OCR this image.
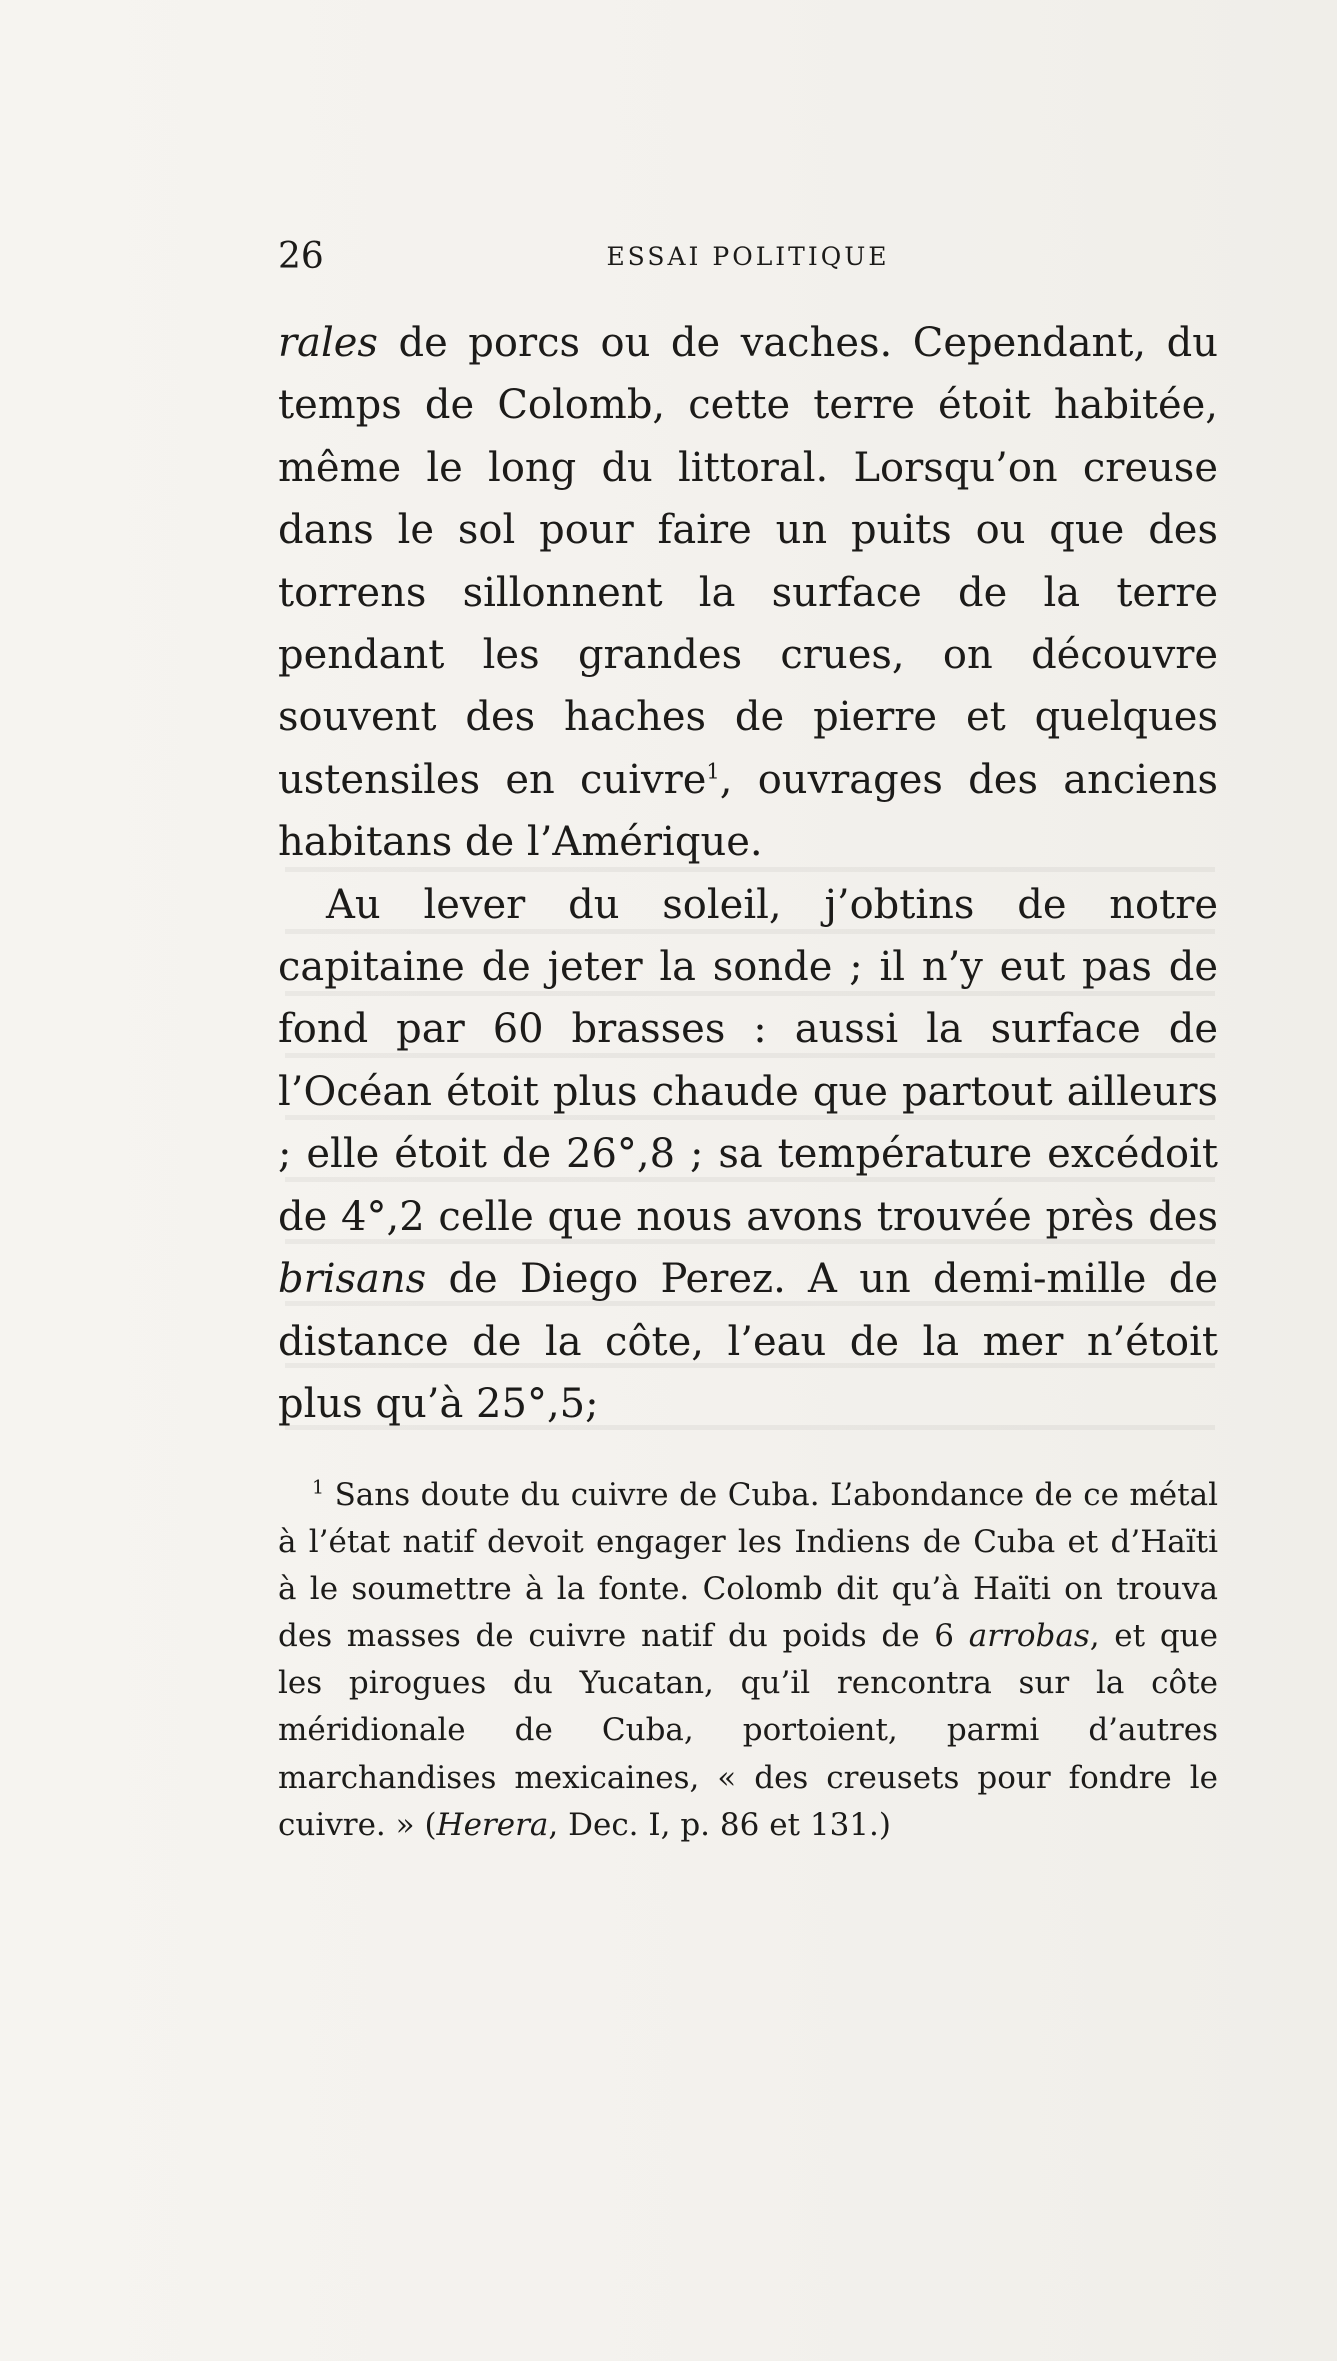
26	ESSAI POLITIQUE

rales de porcs ou de vaches. Cependant, du temps de Colomb, cette terre étoit habitée, même le long du littoral. Lorsqu’on creuse dans le sol pour faire un puits ou que des torrens sillonnent la surface de la terre pendant les grandes crues, on découvre souvent des haches de pierre et quelques ustensiles en cuivre$^1$, ouvrages des anciens habitans de l’Amérique.

Au lever du soleil, j’obtins de notre capitaine de jeter la sonde ; il n’y eut pas de fond par 60 brasses : aussi la surface de l’Océan étoit plus chaude que partout ailleurs ; elle étoit de 26°,8 ; sa température excédoit de 4°,2 celle que nous avons trouvée près des brisans de Diego Perez. A un demi-mille de distance de la côte, l’eau de la mer n’étoit plus qu’à 25°,5;

$^1$ Sans doute du cuivre de Cuba. L’abondance de ce métal à l’état natif devoit engager les Indiens de Cuba et d’Haïti à le soumettre à la fonte. Colomb dit qu’à Haïti on trouva des masses de cuivre natif du poids de 6 arrobas, et que les pirogues du Yucatan, qu’il rencontra sur la côte méridionale de Cuba, portoient, parmi d’autres marchandises mexicaines, « des creusets pour fondre le cuivre. » (Herera, Dec. I, p. 86 et 131.)
